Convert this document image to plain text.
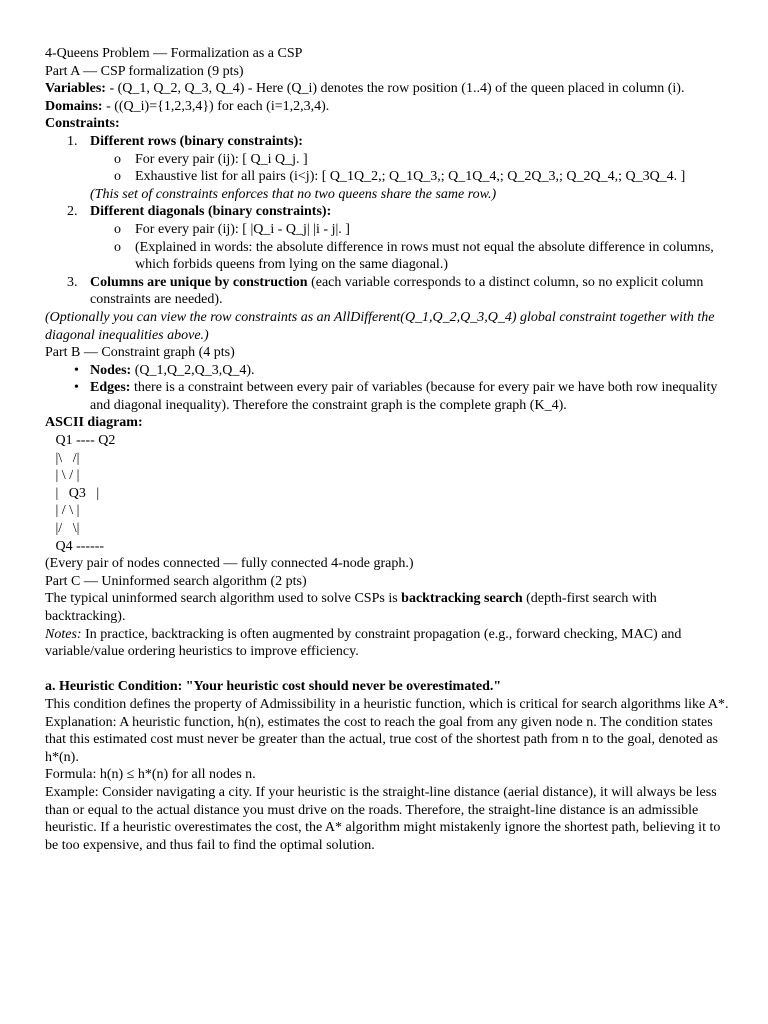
4-Queens Problem — Formalization as a CSP

Part A — CSP formalization (9 pts)

Variables: - (Q_1, Q_2, Q_3, Q_4) - Here (Q_i) denotes the row position (1..4) of the queen placed in column (i).

Domains: - ((Q_i)={1,2,3,4}) for each (i=1,2,3,4).

Constraints:

1. Different rows (binary constraints):
o For every pair (ij): [ Q_i Q_j. ]
o Exhaustive list for all pairs (i<j): [ Q_1Q_2,; Q_1Q_3,; Q_1Q_4,; Q_2Q_3,; Q_2Q_4,; Q_3Q_4. ]

(This set of constraints enforces that no two queens share the same row.)

2. Different diagonals (binary constraints):
o For every pair (ij): [ |Q_i - Q_j| |i - j|. ]
o (Explained in words: the absolute difference in rows must not equal the absolute difference in columns, which forbids queens from lying on the same diagonal.)
3. Columns are unique by construction (each variable corresponds to a distinct column, so no explicit column constraints are needed).

(Optionally you can view the row constraints as an AllDifferent(Q_1,Q_2,Q_3,Q_4) global constraint together with the diagonal inequalities above.)

Part B — Constraint graph (4 pts)

• Nodes: (Q_1,Q_2,Q_3,Q_4).
• Edges: there is a constraint between every pair of variables (because for every pair we have both row inequality and diagonal inequality). Therefore the constraint graph is the complete graph (K_4).

ASCII diagram:

Q1 ---- Q2
|\   /|
| \ / |
|   Q3   |
| / \ |
|/   \|
Q4 ------

(Every pair of nodes connected — fully connected 4-node graph.)

Part C — Uninformed search algorithm (2 pts)

The typical uninformed search algorithm used to solve CSPs is backtracking search (depth-first search with backtracking).

Notes: In practice, backtracking is often augmented by constraint propagation (e.g., forward checking, MAC) and variable/value ordering heuristics to improve efficiency.

a. Heuristic Condition: "Your heuristic cost should never be overestimated."

This condition defines the property of Admissibility in a heuristic function, which is critical for search algorithms like A*.

Explanation: A heuristic function, h(n), estimates the cost to reach the goal from any given node n. The condition states that this estimated cost must never be greater than the actual, true cost of the shortest path from n to the goal, denoted as h*(n).

Formula: h(n) ≤ h*(n) for all nodes n.

Example: Consider navigating a city. If your heuristic is the straight-line distance (aerial distance), it will always be less than or equal to the actual distance you must drive on the roads. Therefore, the straight-line distance is an admissible heuristic. If a heuristic overestimates the cost, the A* algorithm might mistakenly ignore the shortest path, believing it to be too expensive, and thus fail to find the optimal solution.
